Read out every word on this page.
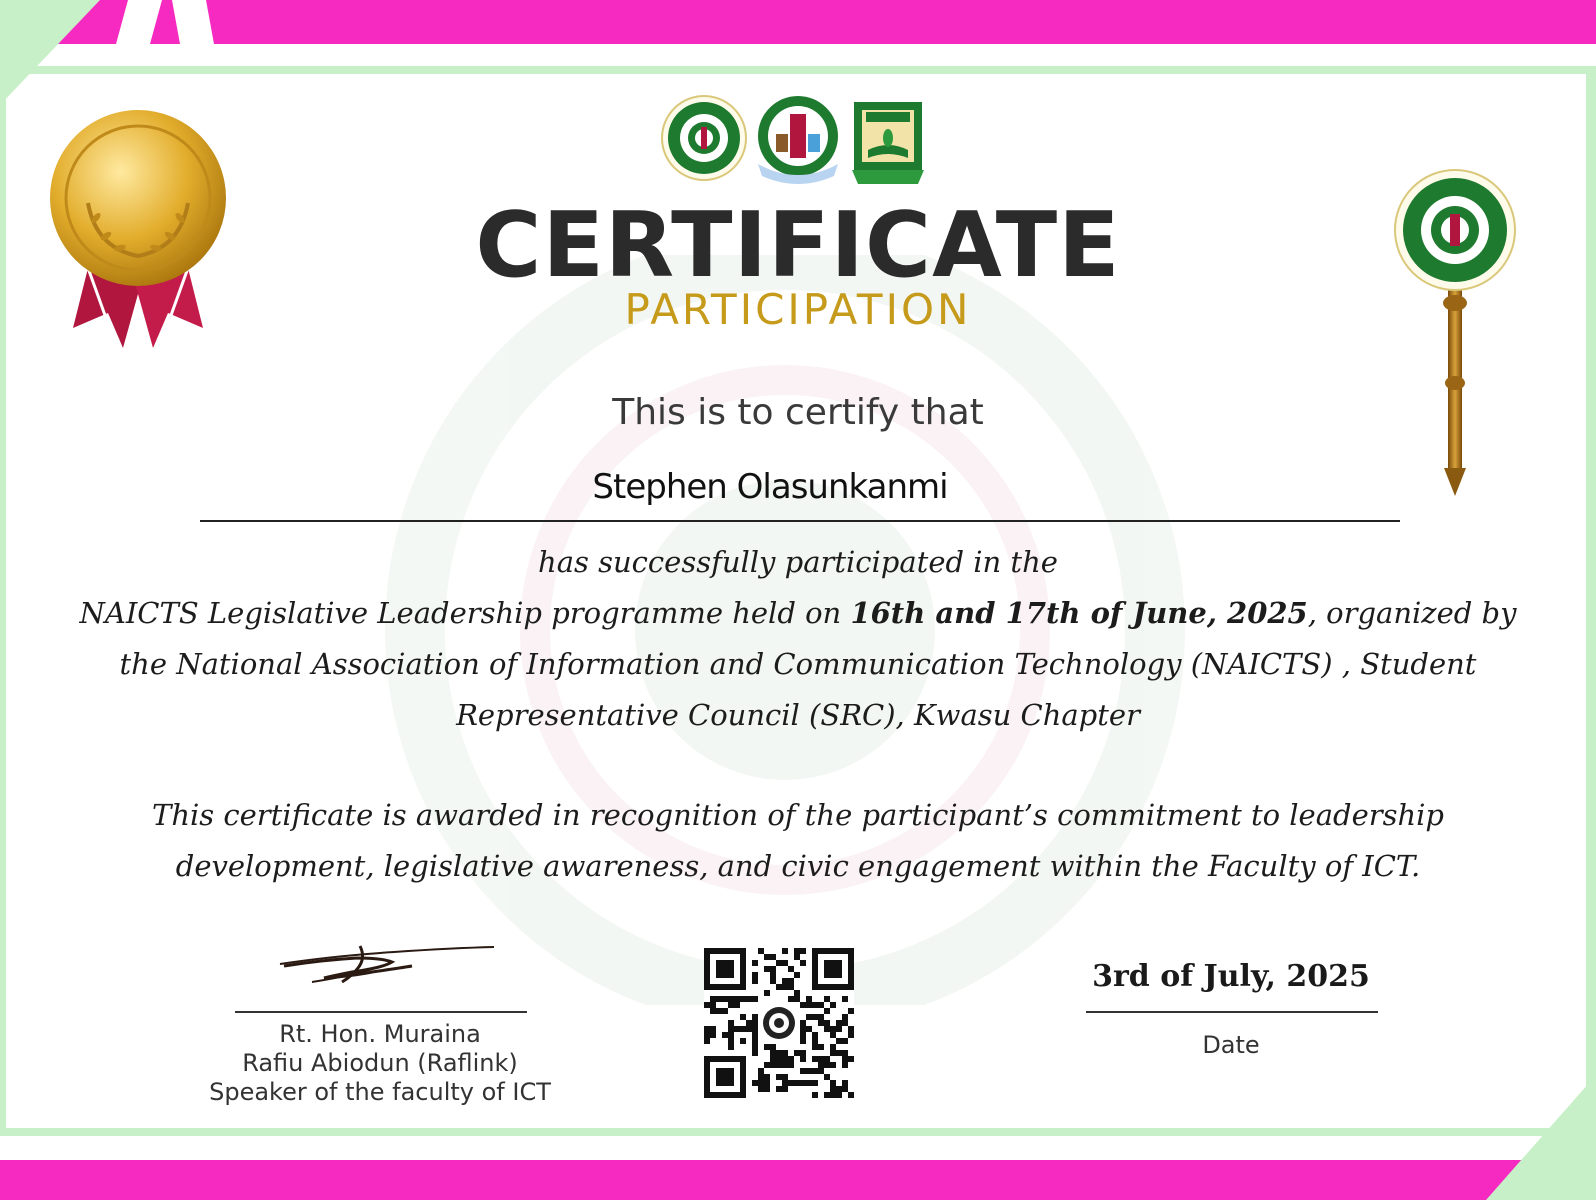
CERTIFICATE
PARTICIPATION
This is to certify that
Stephen Olasunkanmi
has successfully participated in the
NAICTS Legislative Leadership programme held on 16th and 17th of June, 2025, organized by the National Association of Information and Communication Technology (NAICTS) , Student Representative Council (SRC), Kwasu Chapter
This certificate is awarded in recognition of the participant’s commitment to leadership development, legislative awareness, and civic engagement within the Faculty of ICT.
Rt. Hon. Muraina
Rafiu Abiodun (Raflink)
Speaker of the faculty of ICT
3rd of July, 2025
Date
